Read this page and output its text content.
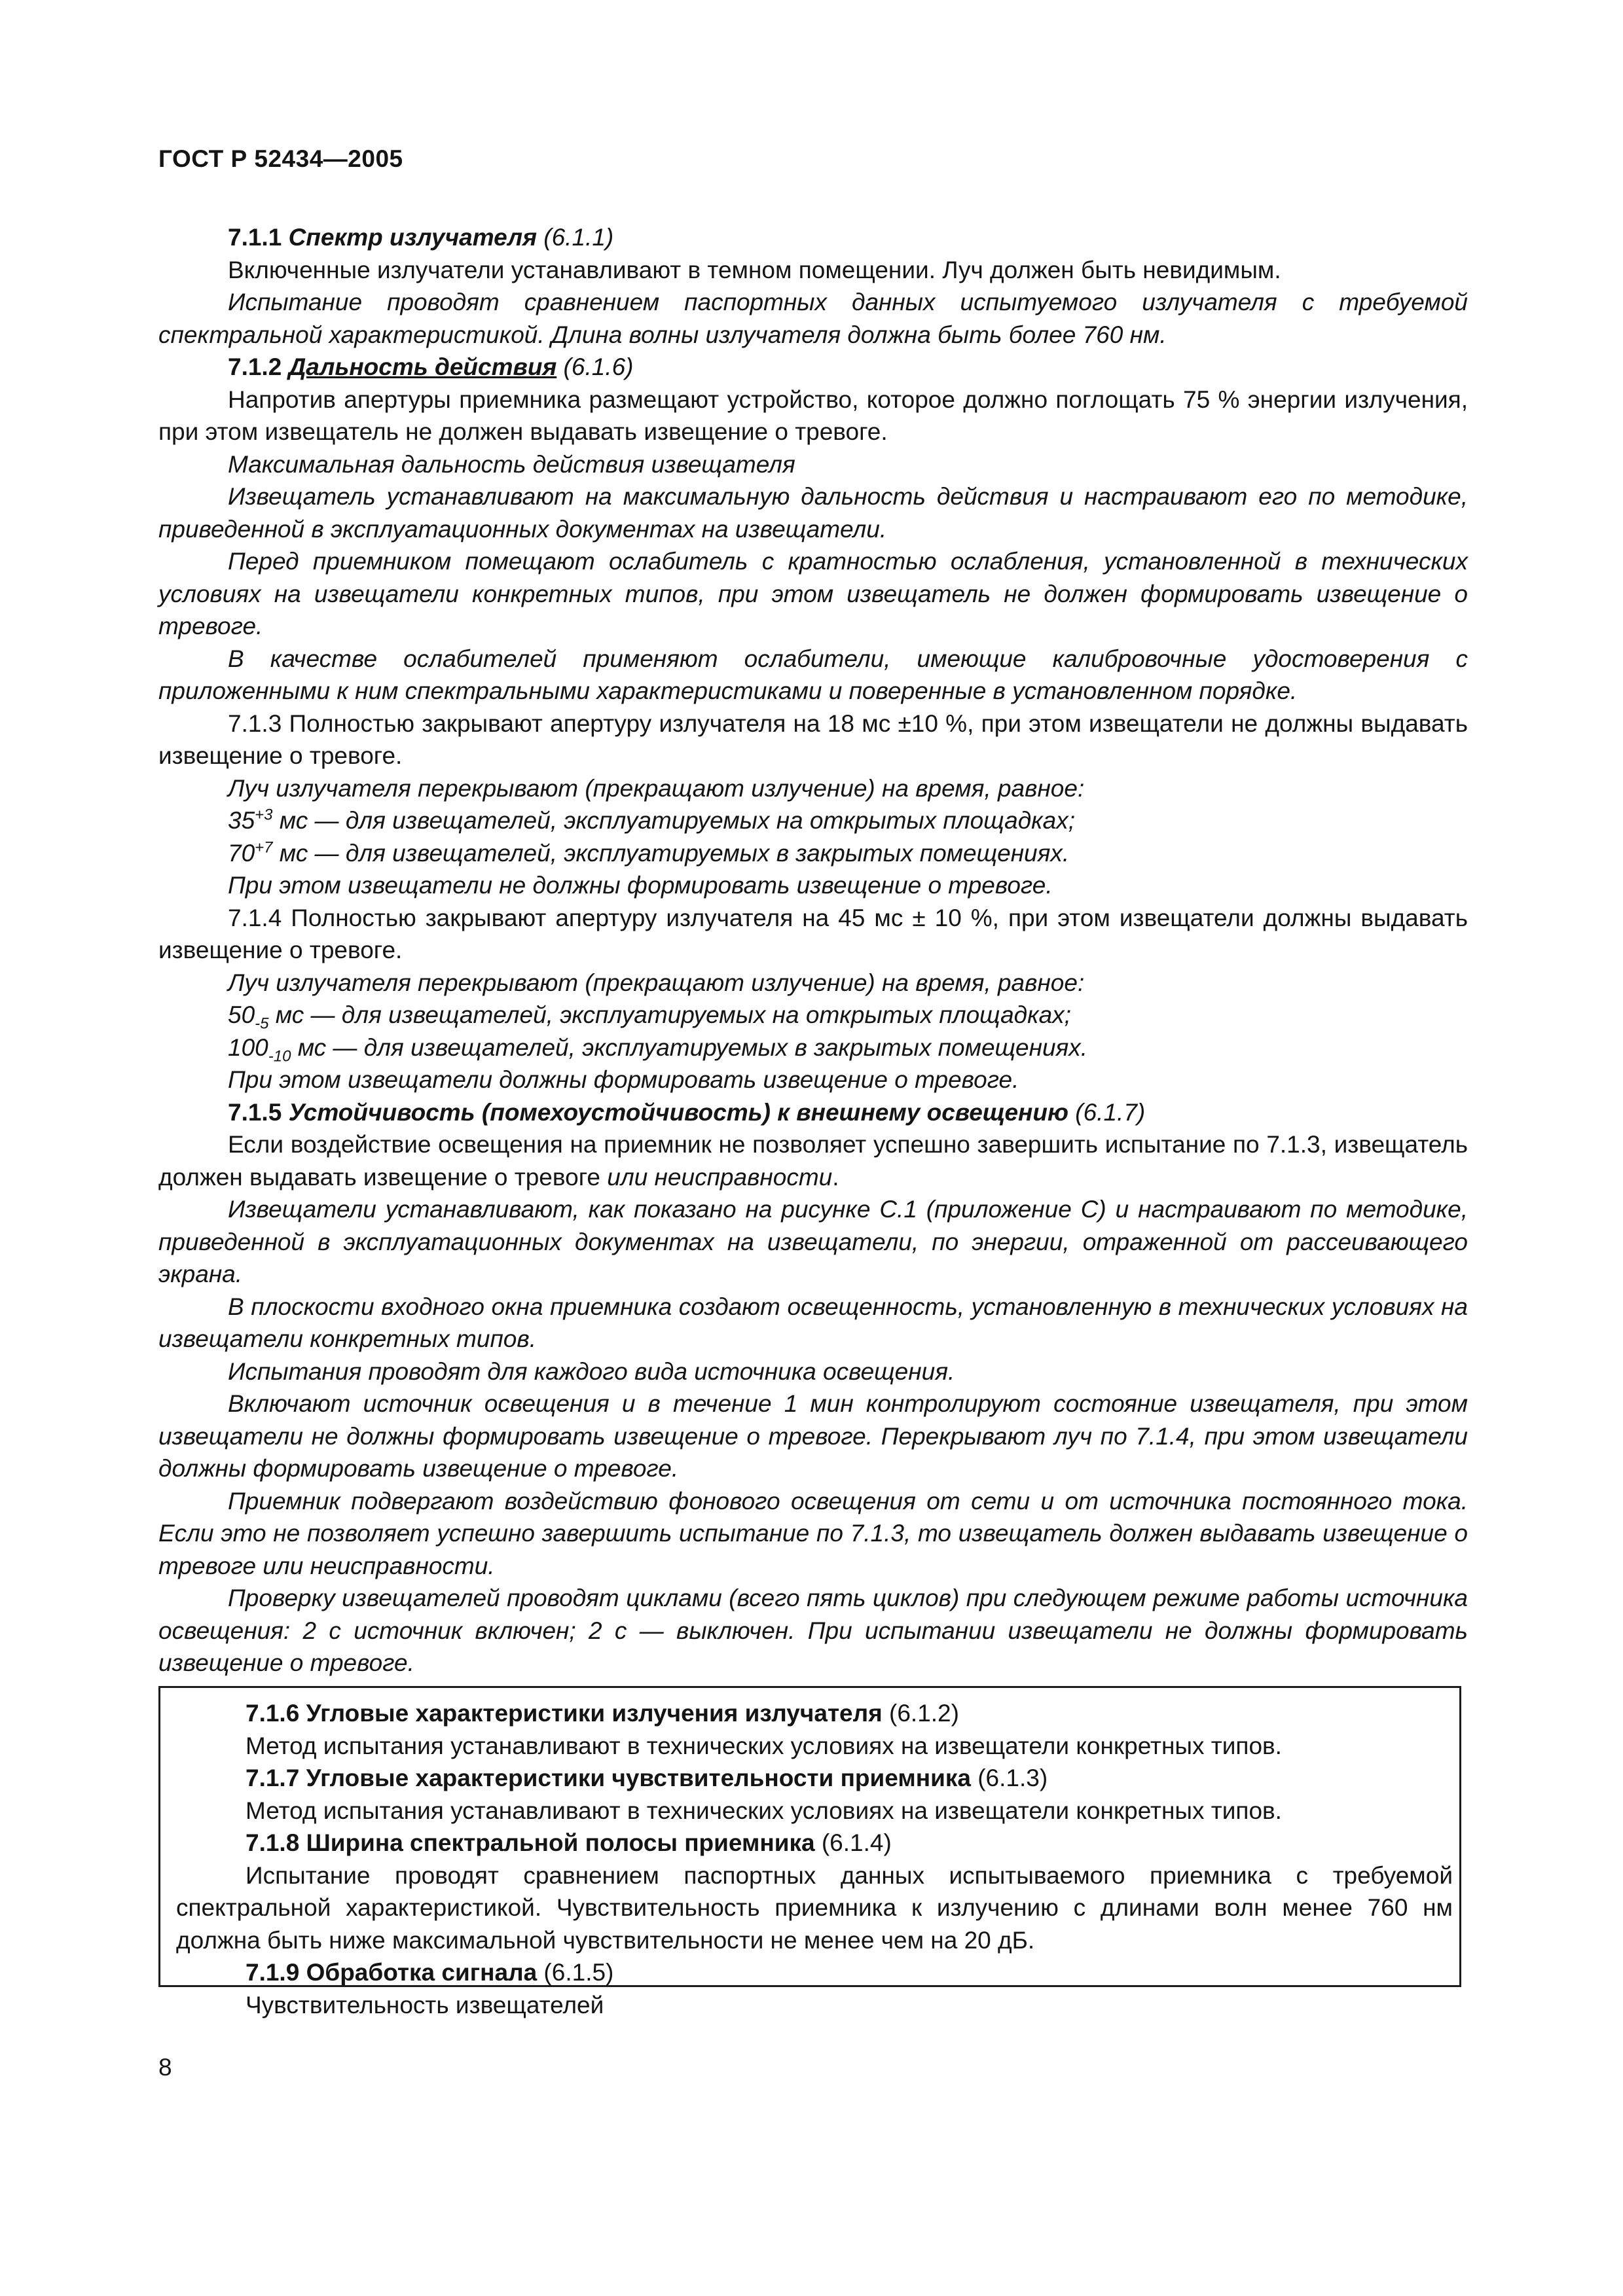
ГОСТ Р 52434—2005

7.1.1 Спектр излучателя (6.1.1)

Включенные излучатели устанавливают в темном помещении. Луч должен быть невидимым.

Испытание проводят сравнением паспортных данных испытуемого излучателя с требуемой спектральной характеристикой. Длина волны излучателя должна быть более 760 нм.

7.1.2 Дальность действия (6.1.6)

Напротив апертуры приемника размещают устройство, которое должно поглощать 75 % энергии излучения, при этом извещатель не должен выдавать извещение о тревоге.

Максимальная дальность действия извещателя

Извещатель устанавливают на максимальную дальность действия и настраивают его по методике, приведенной в эксплуатационных документах на извещатели.

Перед приемником помещают ослабитель с кратностью ослабления, установленной в технических условиях на извещатели конкретных типов, при этом извещатель не должен формировать извещение о тревоге.

В качестве ослабителей применяют ослабители, имеющие калибровочные удостоверения с приложенными к ним спектральными характеристиками и поверенные в установленном порядке.

7.1.3 Полностью закрывают апертуру излучателя на 18 мс ±10 %, при этом извещатели не должны выдавать извещение о тревоге.

Луч излучателя перекрывают (прекращают излучение) на время, равное:

$35^{+3}$ мс — для извещателей, эксплуатируемых на открытых площадках;

$70^{+7}$ мс — для извещателей, эксплуатируемых в закрытых помещениях.

При этом извещатели не должны формировать извещение о тревоге.

7.1.4 Полностью закрывают апертуру излучателя на 45 мс ± 10 %, при этом извещатели должны выдавать извещение о тревоге.

Луч излучателя перекрывают (прекращают излучение) на время, равное:

$50_{-5}$ мс — для извещателей, эксплуатируемых на открытых площадках;

$100_{-10}$ мс — для извещателей, эксплуатируемых в закрытых помещениях.

При этом извещатели должны формировать извещение о тревоге.

7.1.5 Устойчивость (помехоустойчивость) к внешнему освещению (6.1.7)

Если воздействие освещения на приемник не позволяет успешно завершить испытание по 7.1.3, извещатель должен выдавать извещение о тревоге или неисправности.

Извещатели устанавливают, как показано на рисунке С.1 (приложение С) и настраивают по методике, приведенной в эксплуатационных документах на извещатели, по энергии, отраженной от рассеивающего экрана.

В плоскости входного окна приемника создают освещенность, установленную в технических условиях на извещатели конкретных типов.

Испытания проводят для каждого вида источника освещения.

Включают источник освещения и в течение 1 мин контролируют состояние извещателя, при этом извещатели не должны формировать извещение о тревоге. Перекрывают луч по 7.1.4, при этом извещатели должны формировать извещение о тревоге.

Приемник подвергают воздействию фонового освещения от сети и от источника постоянного тока. Если это не позволяет успешно завершить испытание по 7.1.3, то извещатель должен выдавать извещение о тревоге или неисправности.

Проверку извещателей проводят циклами (всего пять циклов) при следующем режиме работы источника освещения: 2 с источник включен; 2 с — выключен. При испытании извещатели не должны формировать извещение о тревоге.

7.1.6 Угловые характеристики излучения излучателя (6.1.2)

Метод испытания устанавливают в технических условиях на извещатели конкретных типов.

7.1.7 Угловые характеристики чувствительности приемника (6.1.3)

Метод испытания устанавливают в технических условиях на извещатели конкретных типов.

7.1.8 Ширина спектральной полосы приемника (6.1.4)

Испытание проводят сравнением паспортных данных испытываемого приемника с требуемой спектральной характеристикой. Чувствительность приемника к излучению с длинами волн менее 760 нм должна быть ниже максимальной чувствительности не менее чем на 20 дБ.

7.1.9 Обработка сигнала (6.1.5)

Чувствительность извещателей

8
